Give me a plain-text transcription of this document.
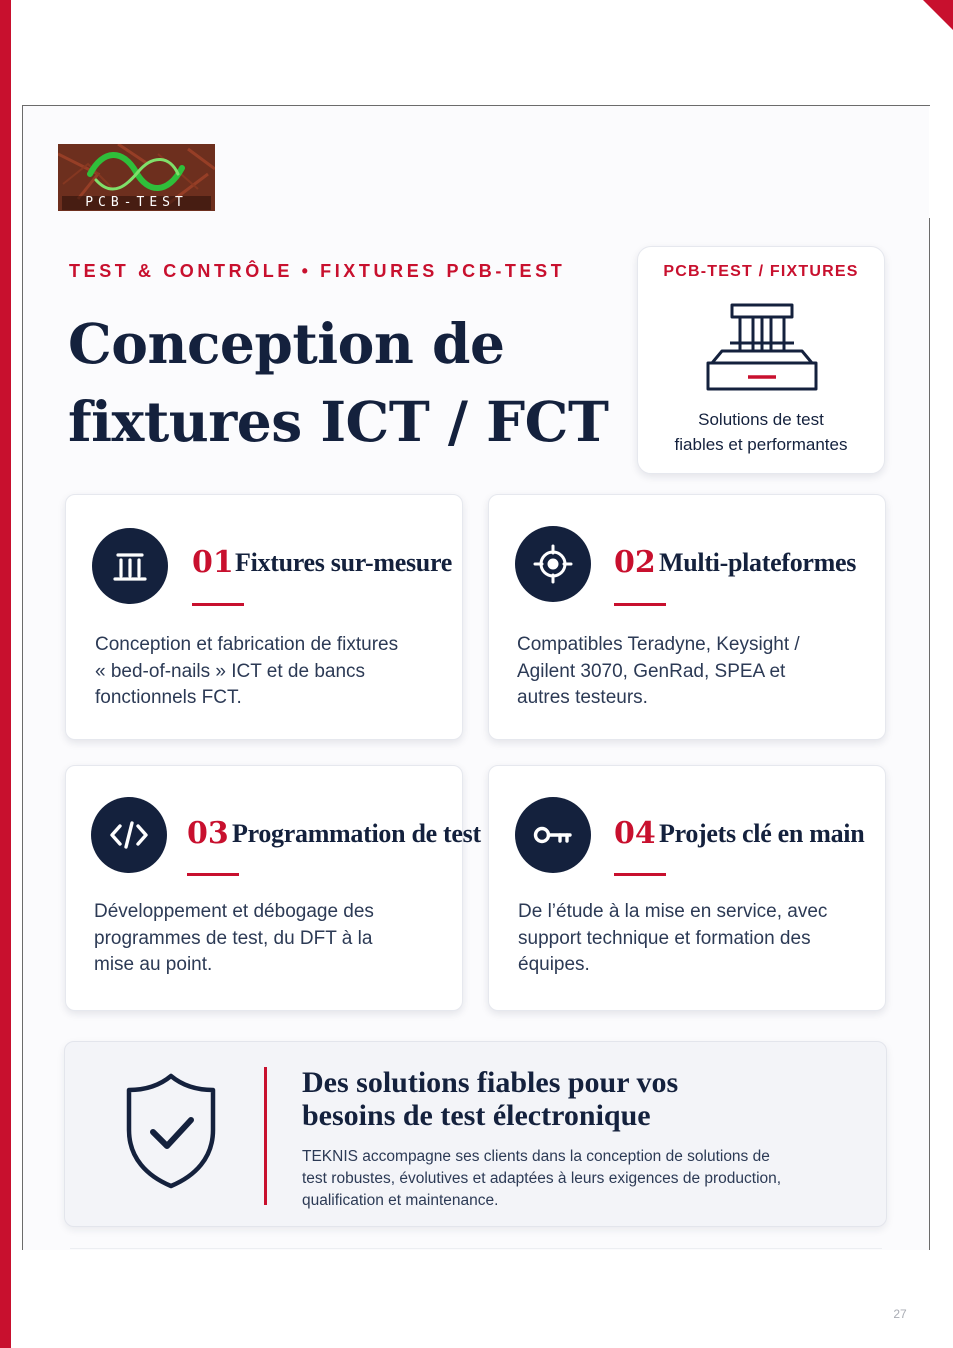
PCB-TEST
TEST & CONTRÔLE • FIXTURES PCB-TEST
Conception de
fixtures ICT / FCT
PCB-TEST / FIXTURES
Solutions de test
fiables et performantes
01 Fixtures sur-mesure
Conception et fabrication de fixtures
« bed-of-nails » ICT et de bancs
fonctionnels FCT.
02 Multi-plateformes
Compatibles Teradyne, Keysight /
Agilent 3070, GenRad, SPEA et
autres testeurs.
03 Programmation de test
Développement et débogage des
programmes de test, du DFT à la
mise au point.
04 Projets clé en main
De l’étude à la mise en service, avec
support technique et formation des
équipes.
Des solutions fiables pour vos
besoins de test électronique
TEKNIS accompagne ses clients dans la conception de solutions de
test robustes, évolutives et adaptées à leurs exigences de production,
qualification et maintenance.
27
